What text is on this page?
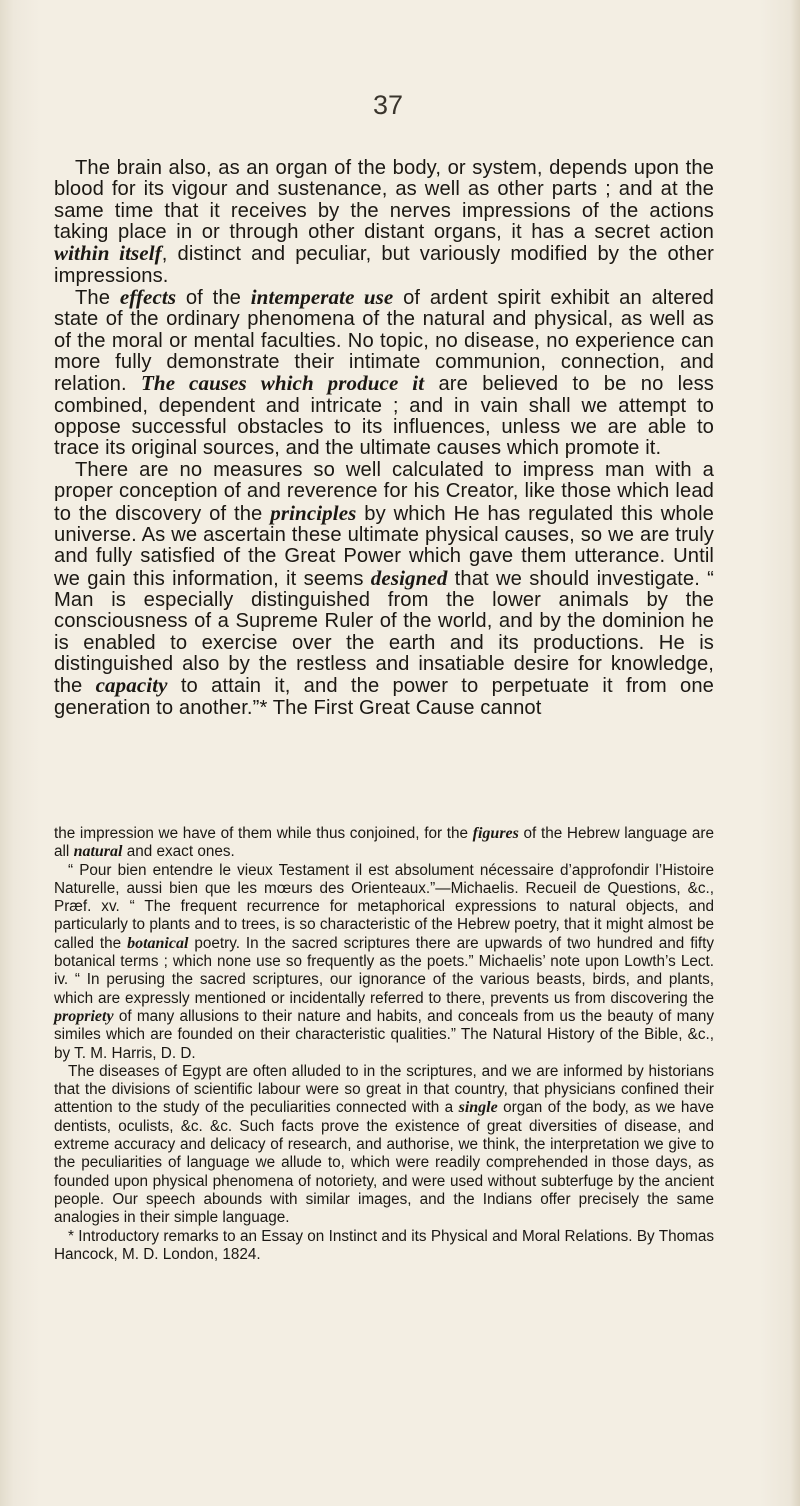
37

The brain also, as an organ of the body, or system, depends upon the blood for its vigour and sustenance, as well as other parts ; and at the same time that it receives by the nerves impressions of the actions taking place in or through other distant organs, it has a secret action within itself, distinct and peculiar, but variously modified by the other impressions.

The effects of the intemperate use of ardent spirit exhibit an altered state of the ordinary phenomena of the natural and physical, as well as of the moral or mental faculties. No topic, no disease, no experience can more fully demonstrate their intimate communion, connection, and relation. The causes which produce it are believed to be no less combined, dependent and intricate ; and in vain shall we attempt to oppose successful obstacles to its influences, unless we are able to trace its original sources, and the ultimate causes which promote it.

There are no measures so well calculated to impress man with a proper conception of and reverence for his Creator, like those which lead to the discovery of the principles by which He has regulated this whole universe. As we ascertain these ultimate physical causes, so we are truly and fully satisfied of the Great Power which gave them utterance. Until we gain this information, it seems designed that we should investigate. “ Man is especially distinguished from the lower animals by the consciousness of a Supreme Ruler of the world, and by the dominion he is enabled to exercise over the earth and its productions. He is distinguished also by the restless and insatiable desire for knowledge, the capacity to attain it, and the power to perpetuate it from one generation to another.”* The First Great Cause cannot

the impression we have of them while thus conjoined, for the figures of the Hebrew language are all natural and exact ones.

“ Pour bien entendre le vieux Testament il est absolument nécessaire d’approfondir l’Histoire Naturelle, aussi bien que les mœurs des Orienteaux.”—Michaelis. Recueil de Questions, &c., Præf. xv. “ The frequent recurrence for metaphorical expressions to natural objects, and particularly to plants and to trees, is so characteristic of the Hebrew poetry, that it might almost be called the botanical poetry. In the sacred scriptures there are upwards of two hundred and fifty botanical terms ; which none use so frequently as the poets.” Michaelis’ note upon Lowth’s Lect. iv. “ In perusing the sacred scriptures, our ignorance of the various beasts, birds, and plants, which are expressly mentioned or incidentally referred to there, prevents us from discovering the propriety of many allusions to their nature and habits, and conceals from us the beauty of many similes which are founded on their characteristic qualities.” The Natural History of the Bible, &c., by T. M. Harris, D. D.

The diseases of Egypt are often alluded to in the scriptures, and we are informed by historians that the divisions of scientific labour were so great in that country, that physicians confined their attention to the study of the peculiarities connected with a single organ of the body, as we have dentists, oculists, &c. &c. Such facts prove the existence of great diversities of disease, and extreme accuracy and delicacy of research, and authorise, we think, the interpretation we give to the peculiarities of language we allude to, which were readily comprehended in those days, as founded upon physical phenomena of notoriety, and were used without subterfuge by the ancient people. Our speech abounds with similar images, and the Indians offer precisely the same analogies in their simple language.

* Introductory remarks to an Essay on Instinct and its Physical and Moral Relations. By Thomas Hancock, M. D. London, 1824.
